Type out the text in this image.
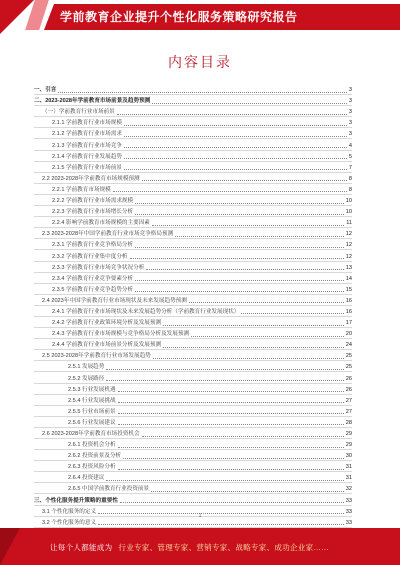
学前教育企业提升个性化服务策略研究报告
内容目录
一、引言	3
二、2023-2028年学前教育市场前景及趋势预测	3
（一）学前教育行业市场前景	3
2.1.1 学前教育行业市场规模	3
2.1.2 学前教育行业市场需求	3
2.1.3 学前教育行业市场竞争	4
2.1.4 学前教育行业发展趋势	5
2.1.5 学前教育行业市场前景	7
2.2 2023-2028年学前教育市场规模预测	8
2.2.1 学前教育市场规模	8
2.2.2 学前教育行业市场需求规模	10
2.2.3 学前教育行业市场增长分析	10
2.2.4 影响学前教育市场规模的主要因素	11
2.3 2023-2028年中国学前教育行业市场竞争格局预测	12
2.3.1 学前教育行业竞争格局分析	12
2.3.2 学前教育行业集中度分析	12
2.3.3 学前教育行业市场竞争状况分析	13
2.3.4 学前教育行业竞争要素分析	14
2.3.5 学前教育行业竞争趋势分析	15
2.4 2023年中国学前教育行业市场现状及未来发展趋势预测	16
2.4.1 学前教育行业市场现状及未来发展趋势分析（学前教育行业发展现状）	16
2.4.2 学前教育行业政策环境分析及发展预测	17
2.4.3 学前教育行业市场规模与竞争格局分析及发展预测	20
2.4.4 学前教育行业市场前景分析及发展预测	24
2.5 2023-2028年学前教育行业市场发展趋势	25
2.5.1 发展趋势	25
2.5.2 发展路径	26
2.5.3 行业发展机遇	26
2.5.4 行业发展挑战	27
2.5.5 行业市场前景	27
2.5.6 行业发展建议	28
2.6 2023-2028年学前教育市场投资机会	29
2.6.1 投资机会分析	29
2.6.2 投资前景及分析	30
2.6.3 投资风险分析	31
2.6.4 投资建议	31
2.6.5 中国学前教育行业投资前景	32
三、个性化服务提升策略的重要性	33
3.1 个性化服务的定义	33
3.2 个性化服务的意义	33
1
让每个人都能成为 行业专家、管理专家、营销专家、战略专家、成功企业家……
